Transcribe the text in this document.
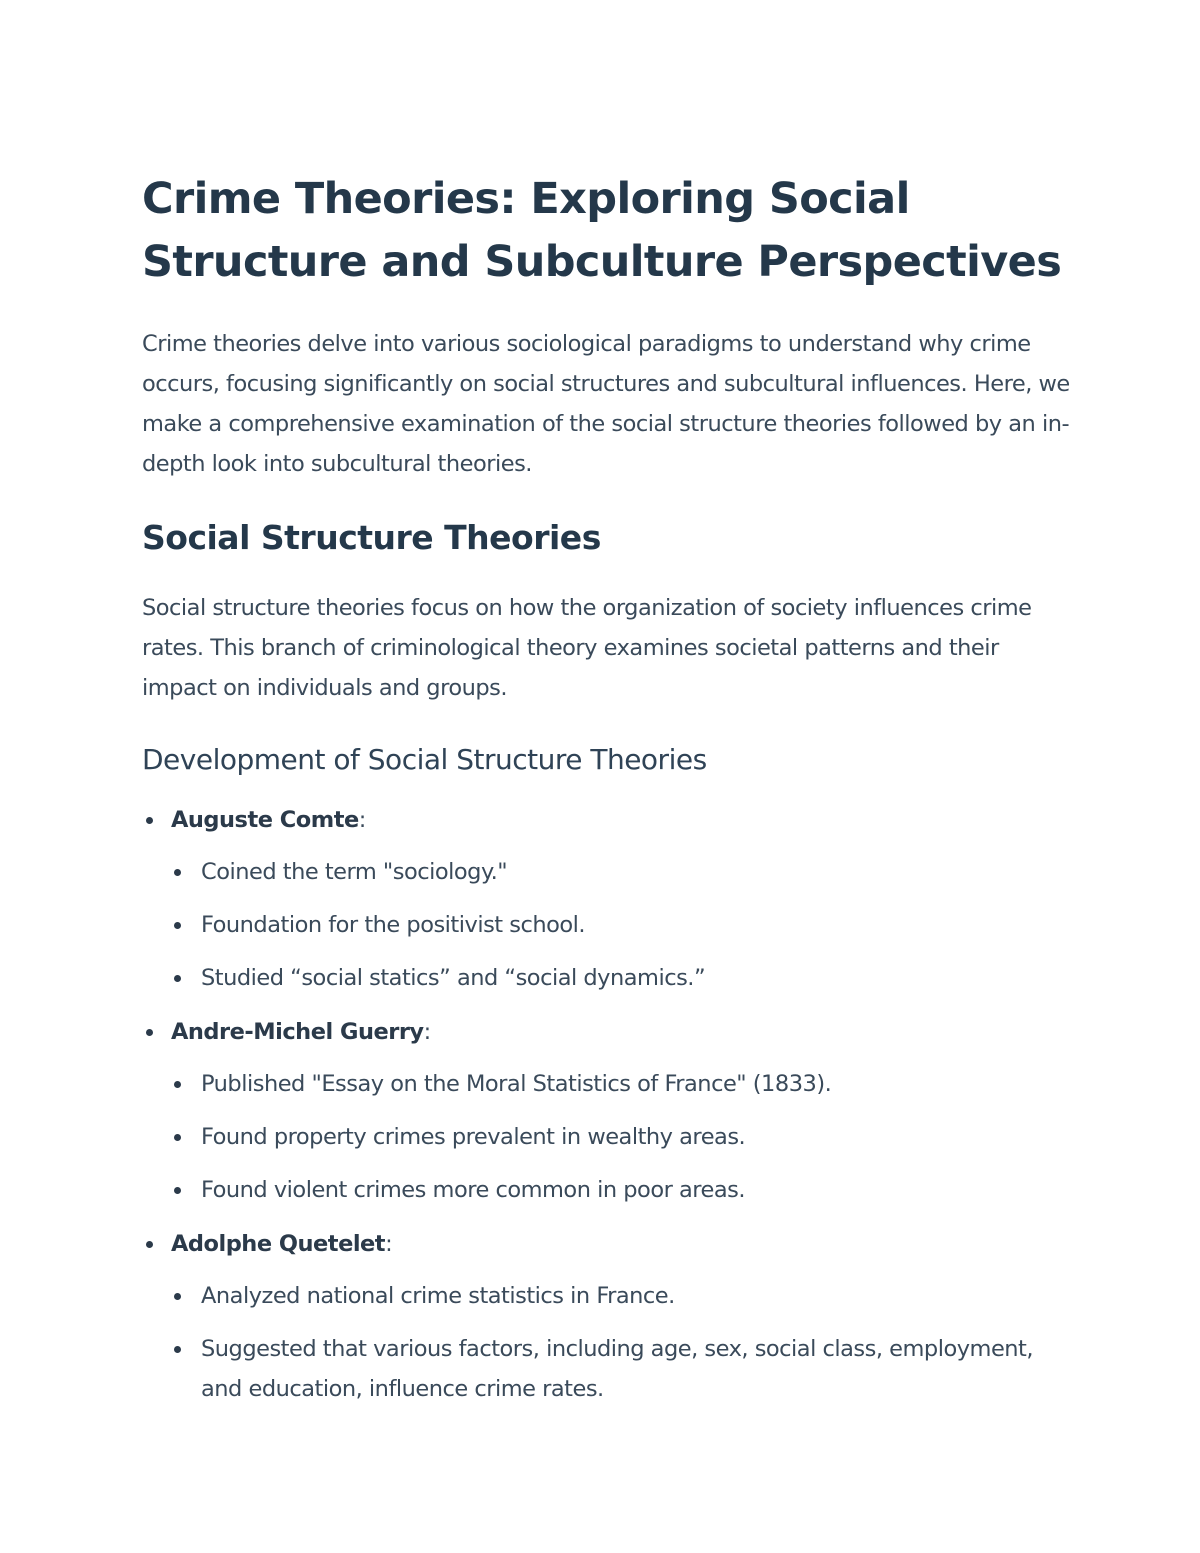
Crime Theories: Exploring Social Structure and Subculture Perspectives

Crime theories delve into various sociological paradigms to understand why crime occurs, focusing significantly on social structures and subcultural influences. Here, we make a comprehensive examination of the social structure theories followed by an in-depth look into subcultural theories.

Social Structure Theories

Social structure theories focus on how the organization of society influences crime rates. This branch of criminological theory examines societal patterns and their impact on individuals and groups.

Development of Social Structure Theories
Auguste Comte:
Coined the term "sociology."
Foundation for the positivist school.
Studied “social statics” and “social dynamics.”
Andre-Michel Guerry:
Published "Essay on the Moral Statistics of France" (1833).
Found property crimes prevalent in wealthy areas.
Found violent crimes more common in poor areas.
Adolphe Quetelet:
Analyzed national crime statistics in France.
Suggested that various factors, including age, sex, social class, employment, and education, influence crime rates.
